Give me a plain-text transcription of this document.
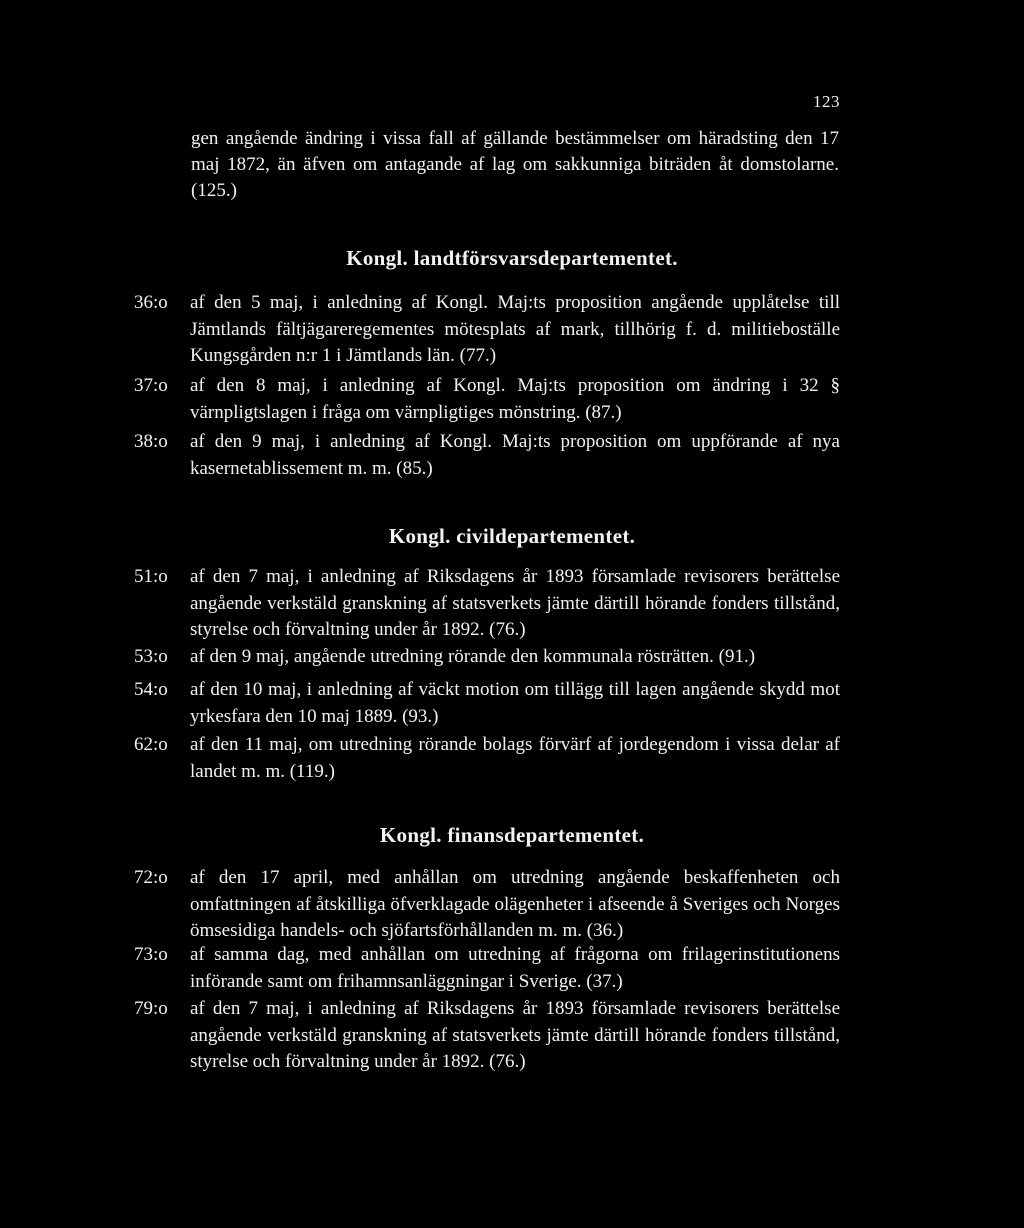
123
gen angående ändring i vissa fall af gällande bestämmelser om häradsting den 17 maj 1872, än äfven om antagande af lag om sakkunniga biträden åt domstolarne. (125.)
Kongl. landtförsvarsdepartementet.
36:o	af den 5 maj, i anledning af Kongl. Maj:ts proposition angående upplåtelse till Jämtlands fältjägareregementes mötesplats af mark, tillhörig f. d. militieboställe Kungsgården n:r 1 i Jämtlands län. (77.)
37:o	af den 8 maj, i anledning af Kongl. Maj:ts proposition om ändring i 32 § värnpligtslagen i fråga om värnpligtiges mönstring. (87.)
38:o	af den 9 maj, i anledning af Kongl. Maj:ts proposition om uppförande af nya kasernetablissement m. m. (85.)
Kongl. civildepartementet.
51:o	af den 7 maj, i anledning af Riksdagens år 1893 församlade revisorers berättelse angående verkstäld granskning af statsverkets jämte därtill hörande fonders tillstånd, styrelse och förvaltning under år 1892. (76.)
53:o	af den 9 maj, angående utredning rörande den kommunala rösträtten. (91.)
54:o	af den 10 maj, i anledning af väckt motion om tillägg till lagen angående skydd mot yrkesfara den 10 maj 1889. (93.)
62:o	af den 11 maj, om utredning rörande bolags förvärf af jordegendom i vissa delar af landet m. m. (119.)
Kongl. finansdepartementet.
72:o	af den 17 april, med anhållan om utredning angående beskaffenheten och omfattningen af åtskilliga öfverklagade olägenheter i afseende å Sveriges och Norges ömsesidiga handels- och sjöfartsförhållanden m. m. (36.)
73:o	af samma dag, med anhållan om utredning af frågorna om frilagerinstitutionens införande samt om frihamnsanläggningar i Sverige. (37.)
79:o	af den 7 maj, i anledning af Riksdagens år 1893 församlade revisorers berättelse angående verkstäld granskning af statsverkets jämte därtill hörande fonders tillstånd, styrelse och förvaltning under år 1892. (76.)
